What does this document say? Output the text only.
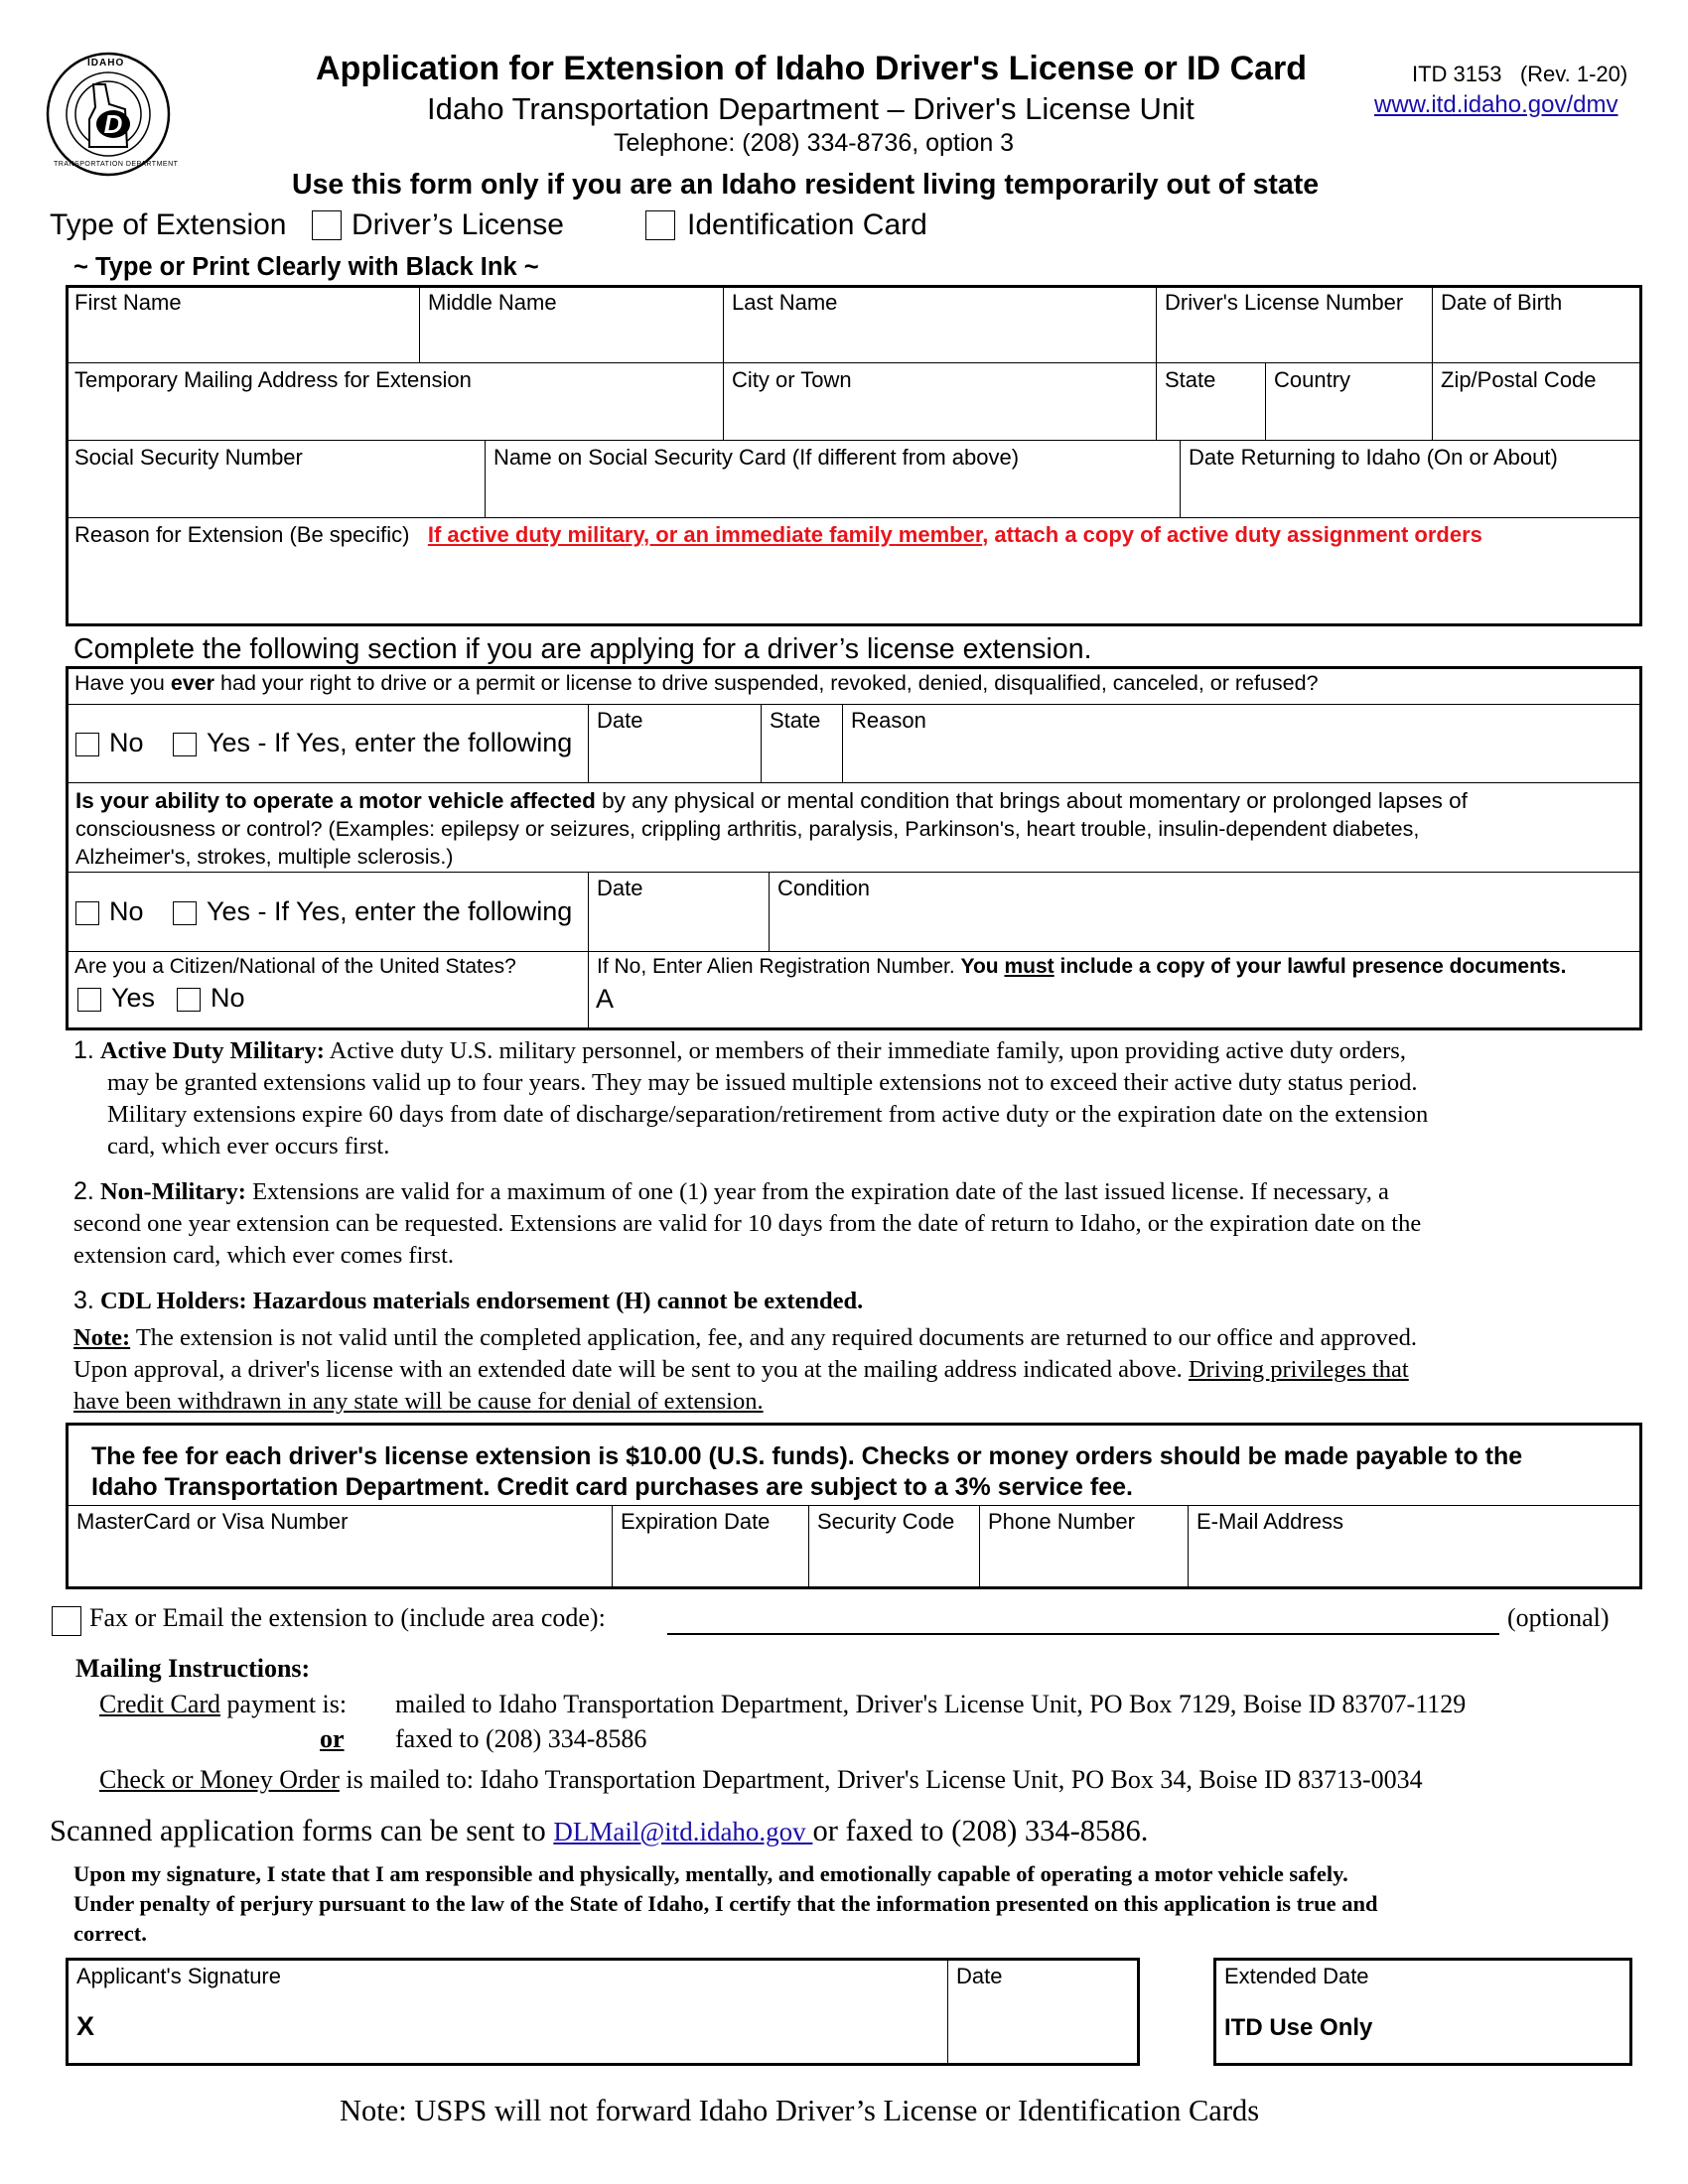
D
IDAHO
TRANSPORTATION DEPARTMENT
Application for Extension of Idaho Driver's License or ID Card
Idaho Transportation Department – Driver's License Unit
Telephone: (208) 334-8736, option 3
ITD 3153   (Rev. 1-20)
www.itd.idaho.gov/dmv
Use this form only if you are an Idaho resident living temporarily out of state
Type of Extension Driver’s License	Identification Card
~ Type or Print Clearly with Black Ink ~
First Name	Middle Name	Last Name	Driver's License Number	Date of Birth
Temporary Mailing Address for Extension	City or Town	State	Country	Zip/Postal Code
Social Security Number	Name on Social Security Card (If different from above)	Date Returning to Idaho (On or About)
Reason for Extension (Be specific) If active duty military, or an immediate family member, attach a copy of active duty assignment orders
Complete the following section if you are applying for a driver’s license extension.
Have you ever had your right to drive or a permit or license to drive suspended, revoked, denied, disqualified, canceled, or refused?
No Yes - If Yes, enter the following
Date	State	Reason
Is your ability to operate a motor vehicle affected by any physical or mental condition that brings about momentary or prolonged lapses of
consciousness or control? (Examples: epilepsy or seizures, crippling arthritis, paralysis, Parkinson's, heart trouble, insulin-dependent diabetes,
Alzheimer's, strokes, multiple sclerosis.)
No Yes - If Yes, enter the following
Date	Condition
Are you a Citizen/National of the United States?
Yes No
If No, Enter Alien Registration Number. You must include a copy of your lawful presence documents.
A
1. Active Duty Military: Active duty U.S. military personnel, or members of their immediate family, upon providing active duty orders,
may be granted extensions valid up to four years. They may be issued multiple extensions not to exceed their active duty status period.
Military extensions expire 60 days from date of discharge/separation/retirement from active duty or the expiration date on the extension
card, which ever occurs first.
2. Non-Military: Extensions are valid for a maximum of one (1) year from the expiration date of the last issued license. If necessary, a
second one year extension can be requested. Extensions are valid for 10 days from the date of return to Idaho, or the expiration date on the
extension card, which ever comes first.
3. CDL Holders: Hazardous materials endorsement (H) cannot be extended.
Note: The extension is not valid until the completed application, fee, and any required documents are returned to our office and approved.
Upon approval, a driver's license with an extended date will be sent to you at the mailing address indicated above. Driving privileges that
have been withdrawn in any state will be cause for denial of extension.
The fee for each driver's license extension is $10.00 (U.S. funds). Checks or money orders should be made payable to the
Idaho Transportation Department. Credit card purchases are subject to a 3% service fee.
MasterCard or Visa Number	Expiration Date	Security Code	Phone Number	E-Mail Address
Fax or Email the extension to (include area code):	(optional)
Mailing Instructions:
Credit Card payment is: mailed to Idaho Transportation Department, Driver's License Unit, PO Box 7129, Boise ID 83707-1129
or faxed to (208) 334-8586
Check or Money Order is mailed to: Idaho Transportation Department, Driver's License Unit, PO Box 34, Boise ID 83713-0034
Scanned application forms can be sent to DLMail@itd.idaho.gov or faxed to (208) 334-8586.
Upon my signature, I state that I am responsible and physically, mentally, and emotionally capable of operating a motor vehicle safely.
Under penalty of perjury pursuant to the law of the State of Idaho, I certify that the information presented on this application is true and
correct.
Applicant's Signature
X
Date	Extended Date
ITD Use Only
Note: USPS will not forward Idaho Driver’s License or Identification Cards
